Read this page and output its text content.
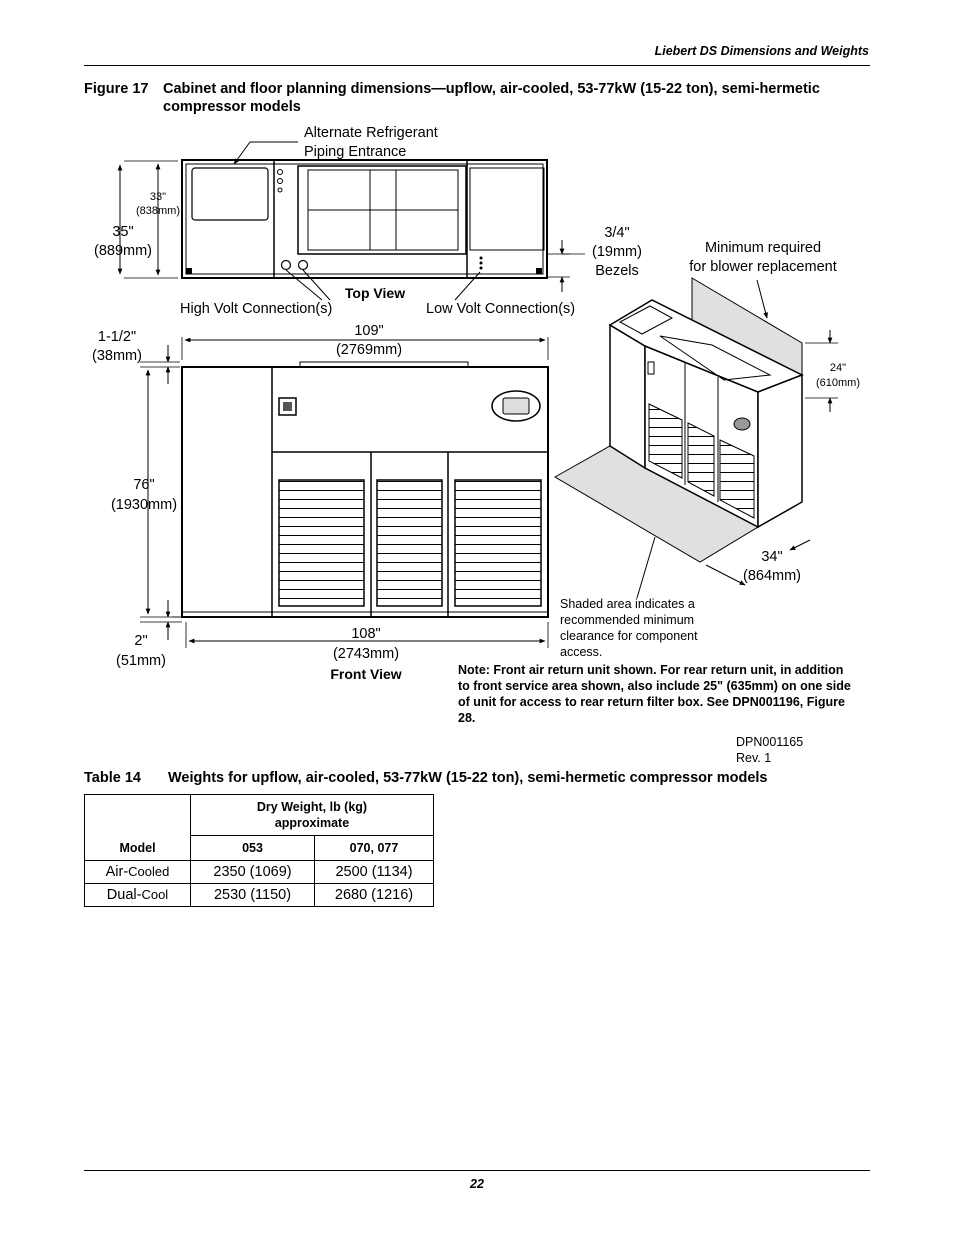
Liebert DS Dimensions and Weights
Figure 17 Cabinet and floor planning dimensions—upflow, air-cooled, 53-77kW (15-22 ton), semi-hermetic
compressor models
Top View
Alternate Refrigerant
Piping Entrance
High Volt Connection(s)	Low Volt Connection(s)
35"
(889mm)
33"
(838mm)
3/4"
(19mm)
Bezels
109"
(2769mm)
1-1/2"
(38mm)
76"
(1930mm)
2"
(51mm)
108"
(2743mm)
Front View
Minimum required
for blower replacement
24"
(610mm)
34"
(864mm)
Shaded area indicates a recommended minimum clearance for component access.
Note: Front air return unit shown. For rear return unit, in addition to front service area shown, also include 25" (635mm) on one side of unit for access to rear return filter box. See DPN001196, Figure 28.
DPN001165
Rev. 1
Table 14 Weights for upflow, air-cooled, 53-77kW (15-22 ton), semi-hermetic compressor models
Model	Dry Weight, lb (kg)
approximate	

	053	070, 077
Air-Cooled	2350 (1069)	2500 (1134)
Dual-Cool	2530 (1150)	2680 (1216)
22
